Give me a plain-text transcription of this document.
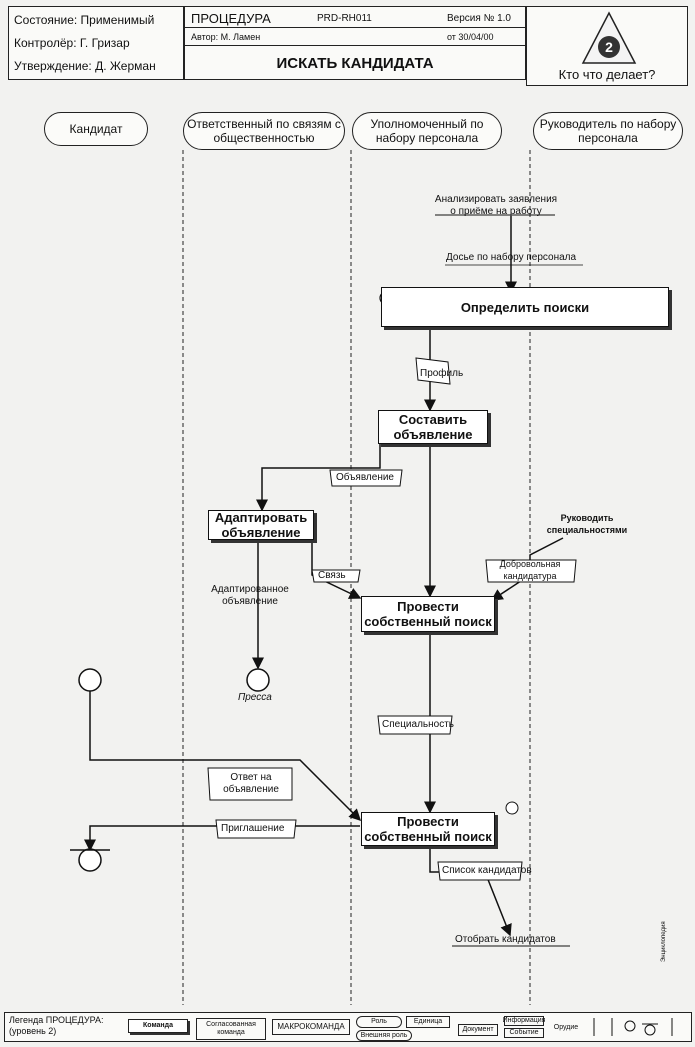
Состояние: Применимый
Контролёр: Г. Гризар
Утверждение: Д. Жерман
ПРОЦЕДУРА	PRD-RH011	Версия № 1.0
Автор: М. Ламен	от 30/04/00
ИСКАТЬ КАНДИДАТА
2
Кто что делает?
Кандидат	Ответственный по связям с общественностью
Уполномоченный по набору персонала
Руководитель по набору персонала
Определить поиски
Составить объявление
Адаптировать объявление
Провести собственный поиск
Провести собственный поиск
Анализировать заявления о приёме на работу
Досье по набору персонала
Профиль
Объявление
Руководить специальностями
Добровольная кандидатура
Связь
Адаптированное объявление
Пресса
Специальность
Ответ на объявление
Приглашение
Список кандидатов
Отобрать кандидатов	Энциклопедия
Легенда ПРОЦЕДУРА: (уровень 2)
Команда	Согласованная команда
МАКРОКОМАНДА
Роль	Единица
Внешняя роль
Документ
Информация
Событие
Орудие
